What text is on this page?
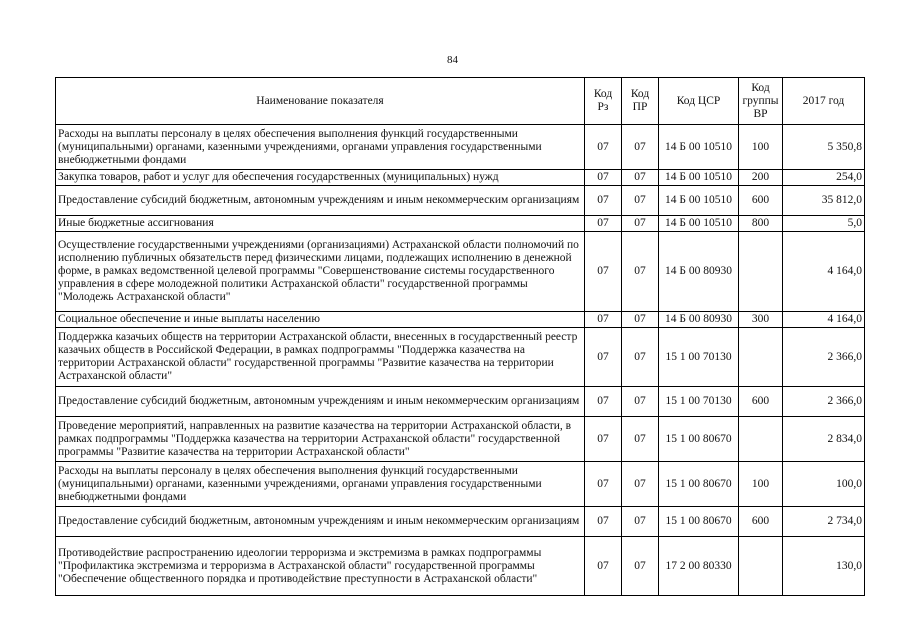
84
Наименование показателя	Код Рз	Код ПР	Код ЦСР	Код группы ВР	2017 год
Расходы на выплаты персоналу в целях обеспечения выполнения функций государственными (муниципальными) органами, казенными учреждениями, органами управления государственными внебюджетными фондами	07	07	14 Б 00 10510	100	5 350,8
Закупка товаров, работ и услуг для обеспечения государственных (муниципальных) нужд	07	07	14 Б 00 10510	200	254,0
Предоставление субсидий бюджетным, автономным учреждениям и иным некоммерческим организациям	07	07	14 Б 00 10510	600	35 812,0
Иные бюджетные ассигнования	07	07	14 Б 00 10510	800	5,0
Осуществление государственными учреждениями (организациями) Астраханской области полномочий по исполнению публичных обязательств перед физическими лицами, подлежащих исполнению в денежной форме, в рамках ведомственной целевой программы "Совершенствование системы государственного управления в сфере молодежной политики Астраханской области" государственной программы "Молодежь Астраханской области"	07	07	14 Б 00 80930		4 164,0
Социальное обеспечение и иные выплаты населению	07	07	14 Б 00 80930	300	4 164,0
Поддержка казачьих обществ на территории Астраханской области, внесенных в государственный реестр казачьих обществ в Российской Федерации, в рамках подпрограммы "Поддержка казачества на территории Астраханской области" государственной программы "Развитие казачества на территории Астраханской области"	07	07	15 1 00 70130		2 366,0
Предоставление субсидий бюджетным, автономным учреждениям и иным некоммерческим организациям	07	07	15 1 00 70130	600	2 366,0
Проведение мероприятий, направленных на развитие казачества на территории Астраханской области, в рамках подпрограммы "Поддержка казачества на территории Астраханской области" государственной программы "Развитие казачества на территории Астраханской области"	07	07	15 1 00 80670		2 834,0
Расходы на выплаты персоналу в целях обеспечения выполнения функций государственными (муниципальными) органами, казенными учреждениями, органами управления государственными внебюджетными фондами	07	07	15 1 00 80670	100	100,0
Предоставление субсидий бюджетным, автономным учреждениям и иным некоммерческим организациям	07	07	15 1 00 80670	600	2 734,0
Противодействие распространению идеологии терроризма и экстремизма в рамках подпрограммы "Профилактика экстремизма и терроризма в Астраханской области" государственной программы "Обеспечение общественного порядка и противодействие преступности в Астраханской области"	07	07	17 2 00 80330		130,0
